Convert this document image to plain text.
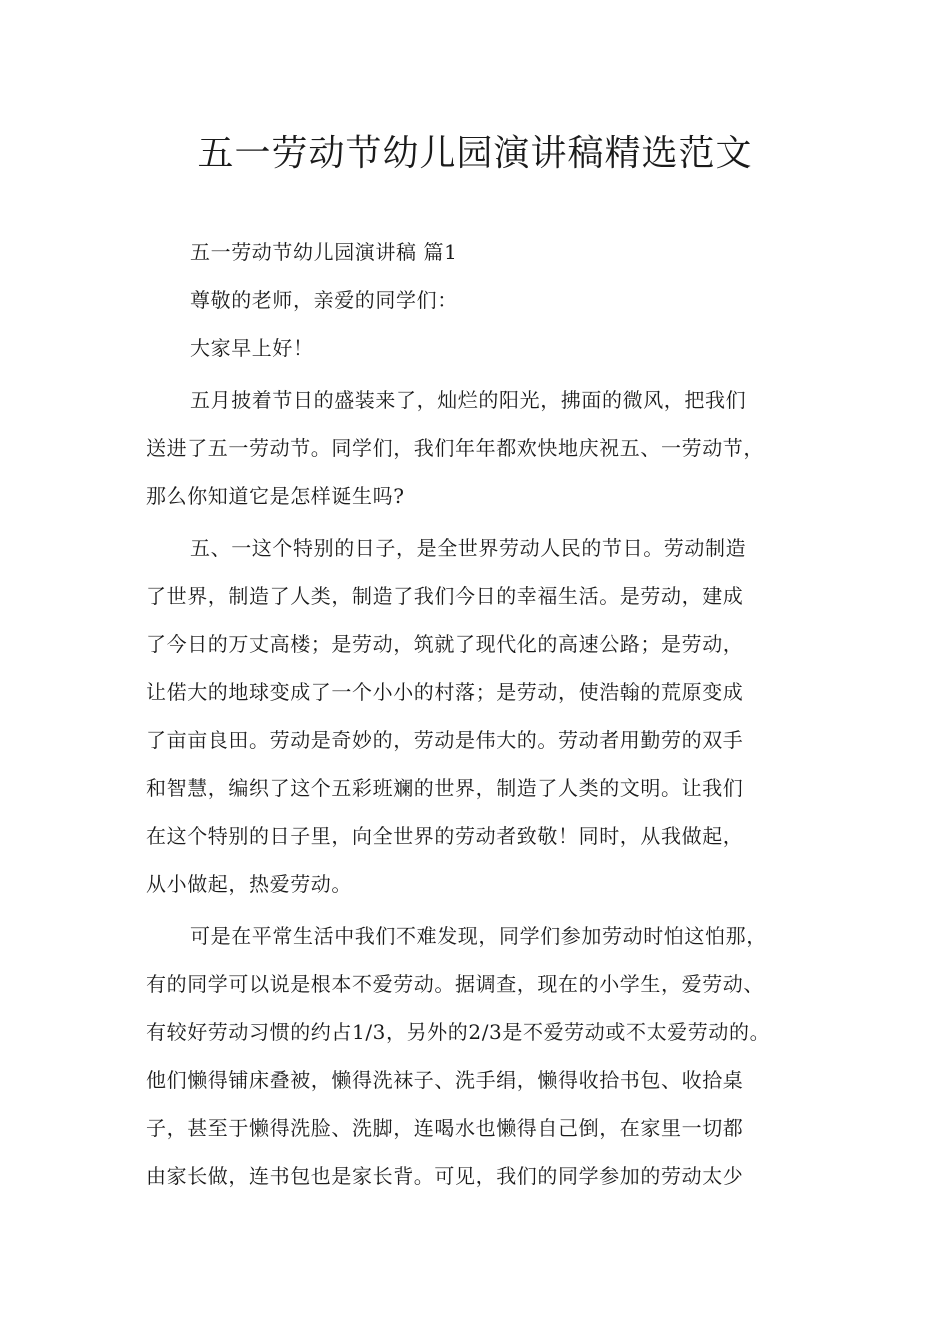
五一劳动节幼儿园演讲稿精选范文
五一劳动节幼儿园演讲稿 篇1
尊敬的老师，亲爱的同学们：
大家早上好！
五月披着节日的盛装来了，灿烂的阳光，拂面的微风，把我们
送进了五一劳动节。同学们，我们年年都欢快地庆祝五、一劳动节，
那么你知道它是怎样诞生吗?
五、一这个特别的日子，是全世界劳动人民的节日。劳动制造
了世界，制造了人类，制造了我们今日的幸福生活。是劳动，建成
了今日的万丈高楼；是劳动，筑就了现代化的高速公路；是劳动，
让偌大的地球变成了一个小小的村落；是劳动，使浩翰的荒原变成
了亩亩良田。劳动是奇妙的，劳动是伟大的。劳动者用勤劳的双手
和智慧，编织了这个五彩班斓的世界，制造了人类的文明。让我们
在这个特别的日子里，向全世界的劳动者致敬！同时，从我做起，
从小做起，热爱劳动。
可是在平常生活中我们不难发现，同学们参加劳动时怕这怕那，
有的同学可以说是根本不爱劳动。据调查，现在的小学生，爱劳动、
有较好劳动习惯的约占1/3，另外的2/3是不爱劳动或不太爱劳动的。
他们懒得铺床叠被，懒得洗袜子、洗手绢，懒得收拾书包、收拾桌
子，甚至于懒得洗脸、洗脚，连喝水也懒得自己倒，在家里一切都
由家长做，连书包也是家长背。可见，我们的同学参加的劳动太少
